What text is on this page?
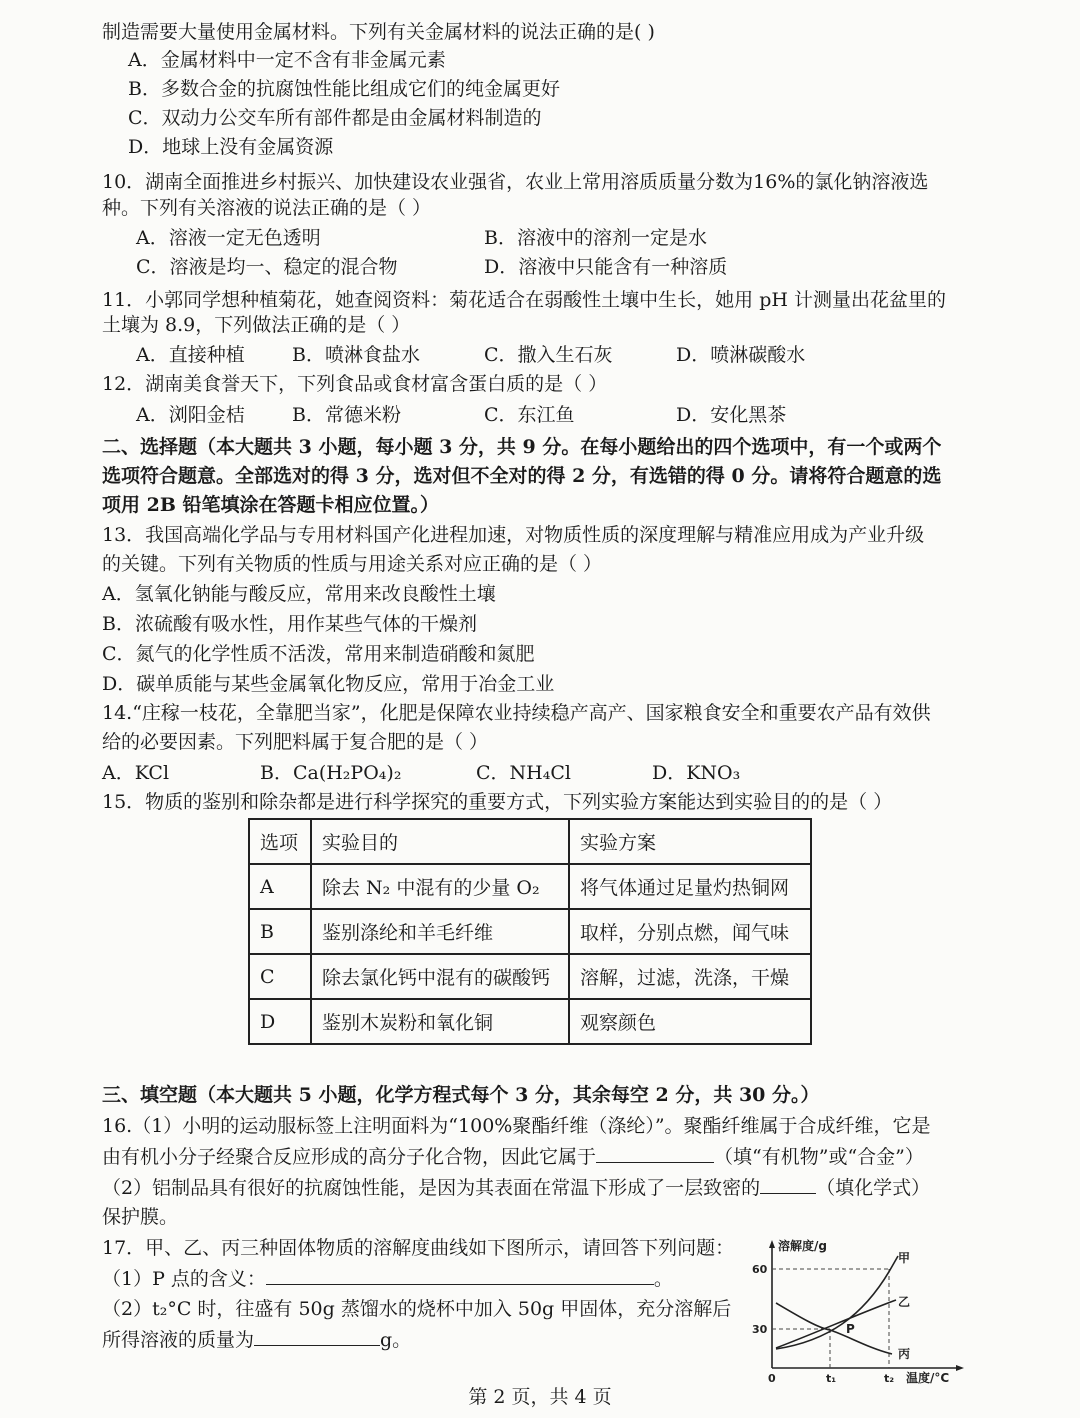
制造需要大量使用金属材料。下列有关金属材料的说法正确的是( )
A．金属材料中一定不含有非金属元素
B．多数合金的抗腐蚀性能比组成它们的纯金属更好
C．双动力公交车所有部件都是由金属材料制造的
D．地球上没有金属资源
10．湖南全面推进乡村振兴、加快建设农业强省，农业上常用溶质质量分数为16%的氯化钠溶液选
种。下列有关溶液的说法正确的是（ ）
A．溶液一定无色透明	B．溶液中的溶剂一定是水
C．溶液是均一、稳定的混合物	D．溶液中只能含有一种溶质
11．小郭同学想种植菊花，她查阅资料：菊花适合在弱酸性土壤中生长，她用 pH 计测量出花盆里的
土壤为 8.9，下列做法正确的是（ ）
A．直接种植 B．喷淋食盐水	C．撒入生石灰	D．喷淋碳酸水
12．湖南美食誉天下，下列食品或食材富含蛋白质的是（ ）
A．浏阳金桔 B．常德米粉	C．东江鱼	D．安化黑茶
二、选择题（本大题共 3 小题，每小题 3 分，共 9 分。在每小题给出的四个选项中，有一个或两个
选项符合题意。全部选对的得 3 分，选对但不全对的得 2 分，有选错的得 0 分。请将符合题意的选
项用 2B 铅笔填涂在答题卡相应位置。）
13．我国高端化学品与专用材料国产化进程加速，对物质性质的深度理解与精准应用成为产业升级
的关键。下列有关物质的性质与用途关系对应正确的是（ ）
A．氢氧化钠能与酸反应，常用来改良酸性土壤
B．浓硫酸有吸水性，用作某些气体的干燥剂
C．氮气的化学性质不活泼，常用来制造硝酸和氮肥
D．碳单质能与某些金属氧化物反应，常用于冶金工业
14.“庄稼一枝花，全靠肥当家”，化肥是保障农业持续稳产高产、国家粮食安全和重要农产品有效供
给的必要因素。下列肥料属于复合肥的是（ ）
A．KCl	B．Ca(H₂PO₄)₂	C．NH₄Cl	D．KNO₃
15．物质的鉴别和除杂都是进行科学探究的重要方式，下列实验方案能达到实验目的的是（ ）
选项	实验目的	实验方案
A	除去 N₂ 中混有的少量 O₂	将气体通过足量灼热铜网
B	鉴别涤纶和羊毛纤维	取样，分别点燃，闻气味
C	除去氯化钙中混有的碳酸钙	溶解，过滤，洗涤，干燥
D	鉴别木炭粉和氧化铜	观察颜色
三、填空题（本大题共 5 小题，化学方程式每个 3 分，其余每空 2 分，共 30 分。）
16.（1）小明的运动服标签上注明面料为“100%聚酯纤维（涤纶）”。聚酯纤维属于合成纤维，它是
由有机小分子经聚合反应形成的高分子化合物，因此它属于	（填“有机物”或“合金”）
（2）铝制品具有很好的抗腐蚀性能，是因为其表面在常温下形成了一层致密的	（填化学式）
保护膜。
17．甲、乙、丙三种固体物质的溶解度曲线如下图所示，请回答下列问题：
（1）P 点的含义：	。
（2）t₂°C 时，往盛有 50g 蒸馏水的烧杯中加入 50g 甲固体，充分溶解后
所得溶液的质量为	g。
溶解度/g
60
30
0	t₁	t₂ 温度/°C
甲
乙
丙
P
第 2 页，共 4 页
